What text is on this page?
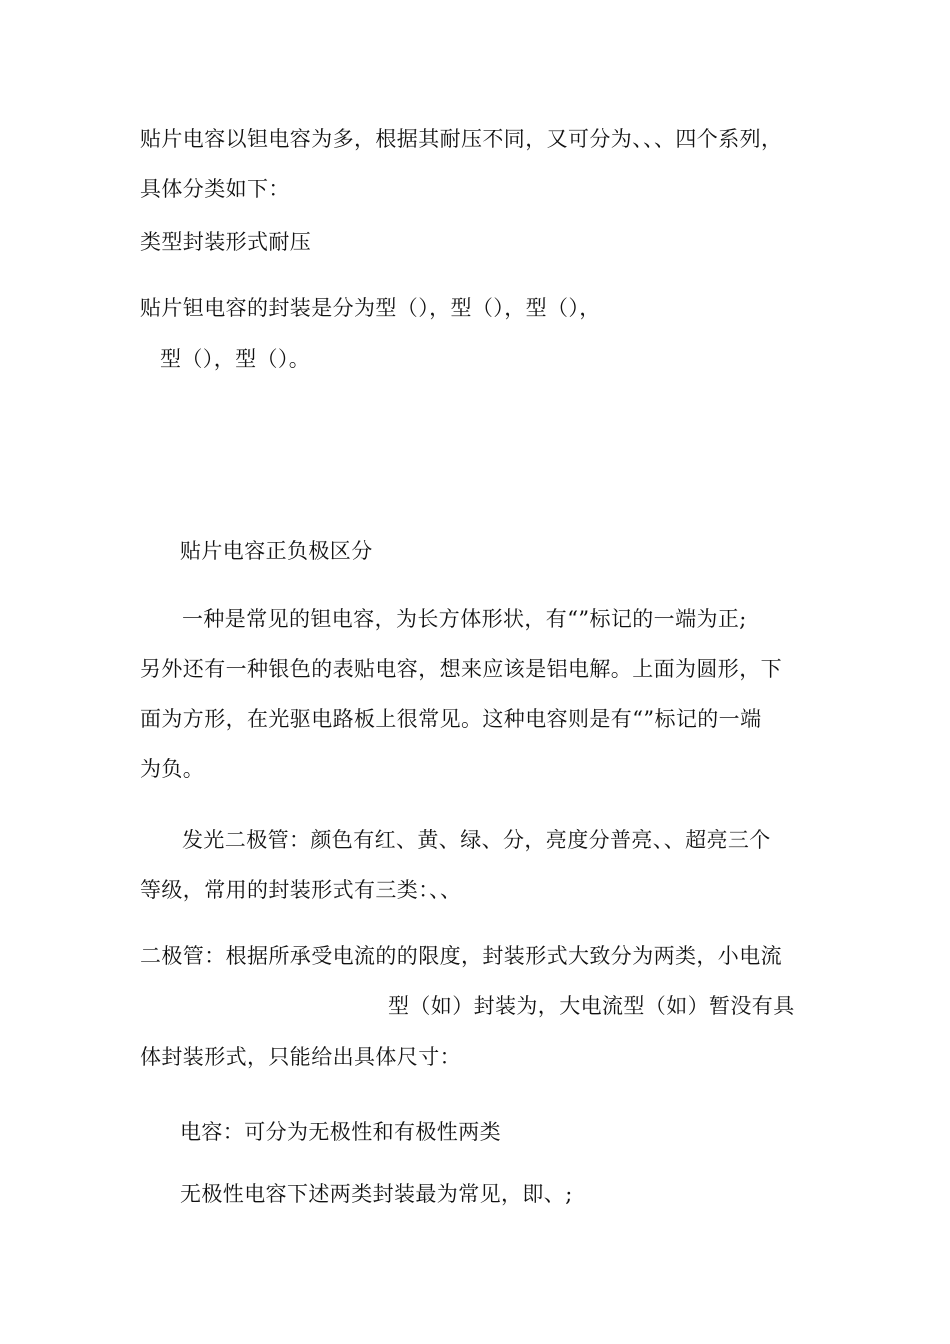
贴片电容以钽电容为多，根据其耐压不同，又可分为、、、四个系列，
具体分类如下：
类型封装形式耐压
贴片钽电容的封装是分为型（），型（），型（），
型（），型（）。
贴片电容正负极区分
一种是常见的钽电容，为长方体形状，有“”标记的一端为正;
另外还有一种银色的表贴电容，想来应该是铝电解。上面为圆形，下
面为方形，在光驱电路板上很常见。这种电容则是有“”标记的一端
为负。
发光二极管：颜色有红、黄、绿、分，亮度分普亮、、超亮三个
等级，常用的封装形式有三类：、、
二极管：根据所承受电流的的限度，封装形式大致分为两类，小电流
型（如）封装为，大电流型（如）暂没有具
体封装形式，只能给出具体尺寸：
电容：可分为无极性和有极性两类
无极性电容下述两类封装最为常见，即、;
